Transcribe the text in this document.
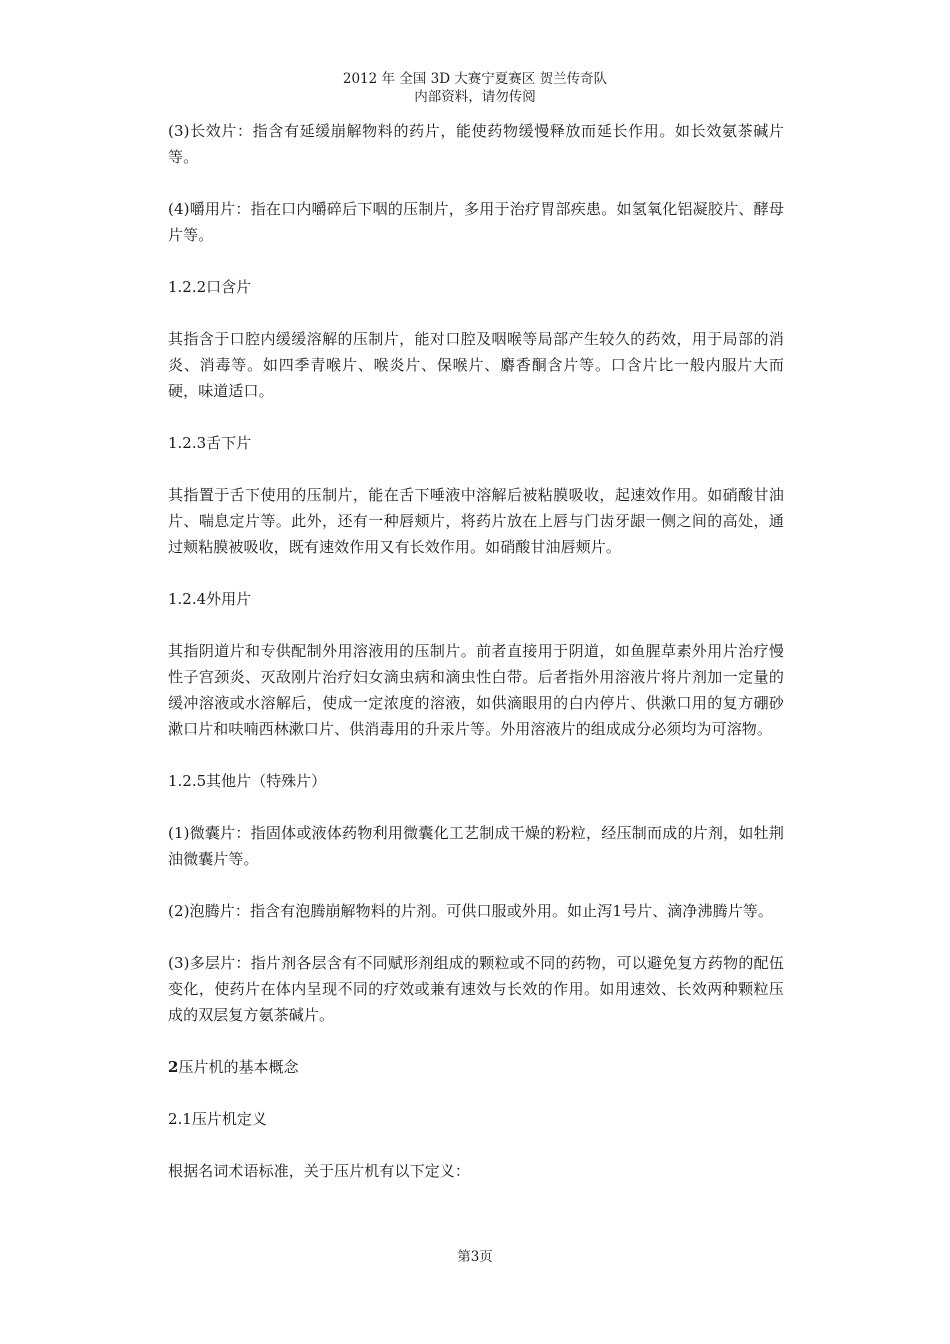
2012 年 全国 3D 大赛宁夏赛区 贺兰传奇队
内部资料，请勿传阅

(3)长效片：指含有延缓崩解物料的药片，能使药物缓慢释放而延长作用。如长效氨茶碱片等。

(4)嚼用片：指在口内嚼碎后下咽的压制片，多用于治疗胃部疾患。如氢氧化铝凝胶片、酵母片等。

1.2.2口含片

其指含于口腔内缓缓溶解的压制片，能对口腔及咽喉等局部产生较久的药效，用于局部的消炎、消毒等。如四季青喉片、喉炎片、保喉片、麝香酮含片等。口含片比一般内服片大而硬，味道适口。

1.2.3舌下片

其指置于舌下使用的压制片，能在舌下唾液中溶解后被粘膜吸收，起速效作用。如硝酸甘油片、喘息定片等。此外，还有一种唇颊片，将药片放在上唇与门齿牙龈一侧之间的高处，通过颊粘膜被吸收，既有速效作用又有长效作用。如硝酸甘油唇颊片。

1.2.4外用片

其指阴道片和专供配制外用溶液用的压制片。前者直接用于阴道，如鱼腥草素外用片治疗慢性子宫颈炎、灭敌刚片治疗妇女滴虫病和滴虫性白带。后者指外用溶液片将片剂加一定量的缓冲溶液或水溶解后，使成一定浓度的溶液，如供滴眼用的白内停片、供漱口用的复方硼砂漱口片和呋喃西林漱口片、供消毒用的升汞片等。外用溶液片的组成成分必须均为可溶物。

1.2.5其他片（特殊片）

(1)微囊片：指固体或液体药物利用微囊化工艺制成干燥的粉粒，经压制而成的片剂，如牡荆油微囊片等。

(2)泡腾片：指含有泡腾崩解物料的片剂。可供口服或外用。如止泻1号片、滴净沸腾片等。

(3)多层片：指片剂各层含有不同赋形剂组成的颗粒或不同的药物，可以避免复方药物的配伍变化，使药片在体内呈现不同的疗效或兼有速效与长效的作用。如用速效、长效两种颗粒压成的双层复方氨茶碱片。

2压片机的基本概念

2.1压片机定义

根据名词术语标准，关于压片机有以下定义：

第3页
